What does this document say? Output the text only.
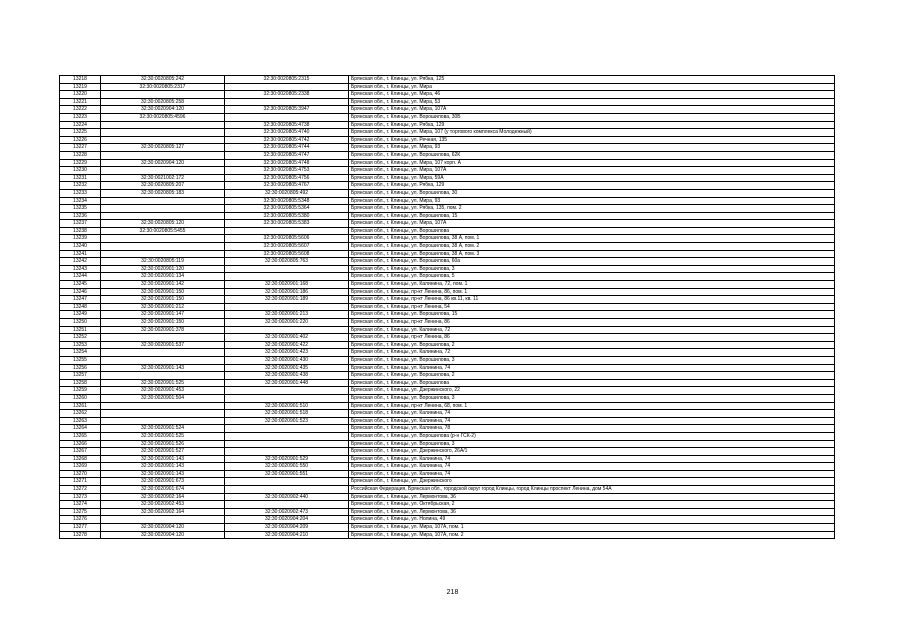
13218	32:30:0020805:242	32:30:0020805:2315	Брянская обл., г. Клинцы, ул. Рябка, 125
13219	32:30:0020805:2317		Брянская обл., г. Клинцы, ул. Мира
13220		32:30:0020805:2338	Брянская обл., г. Клинцы, ул. Мира, 46
13221	32:30:0020805:258		Брянская обл., г. Клинцы, ул. Мира, 53
13222	32:30:0020904:120	32:30:0020805:3947	Брянская обл., г. Клинцы, ул. Мира, 107А
13223	32:30:0020805:4596		Брянская обл., г. Клинцы, ул. Ворошилова, 30Б
13224		32:30:0020805:4738	Брянская обл., г. Клинцы, ул. Рябка, 129
13225		32:30:0020805:4740	Брянская обл., г. Клинцы, ул. Мира, 107 (у торгового комплекса Молодежный)
13226		32:30:0020805:4742	Брянская обл., г. Клинцы, ул. Речная, 135
13227	32:30:0020805:127	32:30:0020805:4744	Брянская обл., г. Клинцы, ул. Мира, 93
13228		32:30:0020805:4747	Брянская обл., г. Клинцы, ул. Ворошилова, 62К
13229	32:30:0020904:120	32:30:0020805:4748	Брянская обл., г. Клинцы, ул. Мира, 107 корп. А
13230		32:30:0020805:4753	Брянская обл., г. Клинцы, ул. Мира, 107А
13231	32:30:0021002:172	32:30:0020805:4756	Брянская обл., г. Клинцы, ул. Мира, 59А
13232	32:30:0020805:207	32:30:0020805:4767	Брянская обл., г. Клинцы, ул. Рябка, 129
13233	32:30:0020805:183	32:30:0020805:492	Брянская обл., г. Клинцы, ул. Ворошилова, 30
13234		32:30:0020805:5348	Брянская обл., г. Клинцы, ул. Мира, 93
13235		32:30:0020805:5364	Брянская обл., г. Клинцы, ул. Рябка, 135, пом. 2
13236		32:30:0020805:5380	Брянская обл., г. Клинцы, ул. Ворошилова, 15
13237	32:30:0020805:120	32:30:0020805:5383	Брянская обл., г. Клинцы, ул. Мира, 107А
13238	32:30:0020805:5455		Брянская обл., г. Клинцы, ул. Ворошилова
13239		32:30:0020805:5606	Брянская обл., г. Клинцы, ул. Ворошилова, 38 А, пом. 1
13240		32:30:0020805:5607	Брянская обл., г. Клинцы, ул. Ворошилова, 38 А, пом. 2
13241		32:30:0020805:5608	Брянская обл., г. Клинцы, ул. Ворошилова, 38 А, пом. 3
13242	32:30:0020805:119	32:30:0020805:763	Брянская обл., г. Клинцы, ул. Ворошилова, 60а
13243	32:30:0020901:120		Брянская обл., г. Клинцы, ул. Ворошилова, 3
13244	32:30:0020901:134		Брянская обл., г. Клинцы, ул. Ворошилова, 5
13245	32:30:0020901:142	32:30:0020901:168	Брянская обл., г. Клинцы, ул. Калинина, 72, пом. 1
13246	32:30:0020901:150	32:30:0020901:186	Брянская обл., г. Клинцы, пр-кт Ленина, 86, пом. 1
13247	32:30:0020901:150	32:30:0020901:189	Брянская обл., г. Клинцы, пр-кт Ленина, 86 кв.11, кв. 11
13248	32:30:0020901:212		Брянская обл., г. Клинцы, пр-кт Ленина, 54
13249	32:30:0020901:147	32:30:0020901:213	Брянская обл., г. Клинцы, ул. Ворошилова, 15
13250	32:30:0020901:150	32:30:0020901:220	Брянская обл., г. Клинцы, пр-кт Ленина, 86
13251	32:30:0020901:378		Брянская обл., г. Клинцы, ул. Калинина, 72
13252		32:30:0020901:402	Брянская обл., г. Клинцы, пр-кт Ленина, 86
13253	32:30:0020901:537	32:30:0020901:422	Брянская обл., г. Клинцы, ул. Ворошилова, 2
13254		32:30:0020901:423	Брянская обл., г. Клинцы, ул. Калинина, 72
13255		32:30:0020901:430	Брянская обл., г. Клинцы, ул. Ворошилова, 3
13256	32:30:0020901:143	32:30:0020901:435	Брянская обл., г. Клинцы, ул. Калинина, 74
13257		32:30:0020901:438	Брянская обл., г. Клинцы, ул. Ворошилова, 2
13258	32:30:0020901:525	32:30:0020901:448	Брянская обл., г. Клинцы, ул. Ворошилова
13259	32:30:0020901:453		Брянская обл., г. Клинцы, ул. Дзержинского, 22
13260	32:30:0020901:504		Брянская обл., г. Клинцы, ул. Ворошилова, 3
13261		32:30:0020901:510	Брянская обл., г. Клинцы, пр-кт Ленина, 68, пом. 1
13262		32:30:0020901:518	Брянская обл., г. Клинцы, ул. Калинина, 74
13263		32:30:0020901:523	Брянская обл., г. Клинцы, ул. Калинина, 74
13264	32:30:0020901:524		Брянская обл., г. Клинцы, ул. Калинина, 78
13265	32:30:0020901:525		Брянская обл., г. Клинцы, ул. Ворошилова (р-н ГСК-2)
13266	32:30:0020901:526		Брянская обл., г. Клинцы, ул. Ворошилова, 3
13267	32:30:0020901:527		Брянская обл., г. Клинцы, ул. Дзержинского, 26А/1
13268	32:30:0020901:143	32:30:0020901:529	Брянская обл., г. Клинцы, ул. Калинина, 74
13269	32:30:0020901:143	32:30:0020901:550	Брянская обл., г. Клинцы, ул. Калинина, 74
13270	32:30:0020901:143	32:30:0020901:551	Брянская обл., г. Клинцы, ул. Калинина, 74
13271	32:30:0020901:673		Брянская обл., г. Клинцы, ул. Дзержинского
13272	32:30:0020901:674		Российская Федерация, Брянская обл., городской округ город Клинцы, город Клинцы проспект Ленина, дом 54А
13273	32:30:0020902:164	32:30:0020902:440	Брянская обл., г. Клинцы, ул. Лермонтова, 36
13274	32:30:0020902:453		Брянская обл., г. Клинцы, ул. Октябрьская, 2
13275	32:30:0020902:164	32:30:0020902:473	Брянская обл., г. Клинцы, ул. Лермонтова, 36
13276		32:30:0020904:204	Брянская обл., г. Клинцы, ул. Нолина, 49
13277	32:30:0020904:120	32:30:0020904:209	Брянская обл., г. Клинцы, ул. Мира, 107А, пом. 1
13278	32:30:0020904:120	32:30:0020904:210	Брянская обл., г. Клинцы, ул. Мира, 107А, пом. 2
218
